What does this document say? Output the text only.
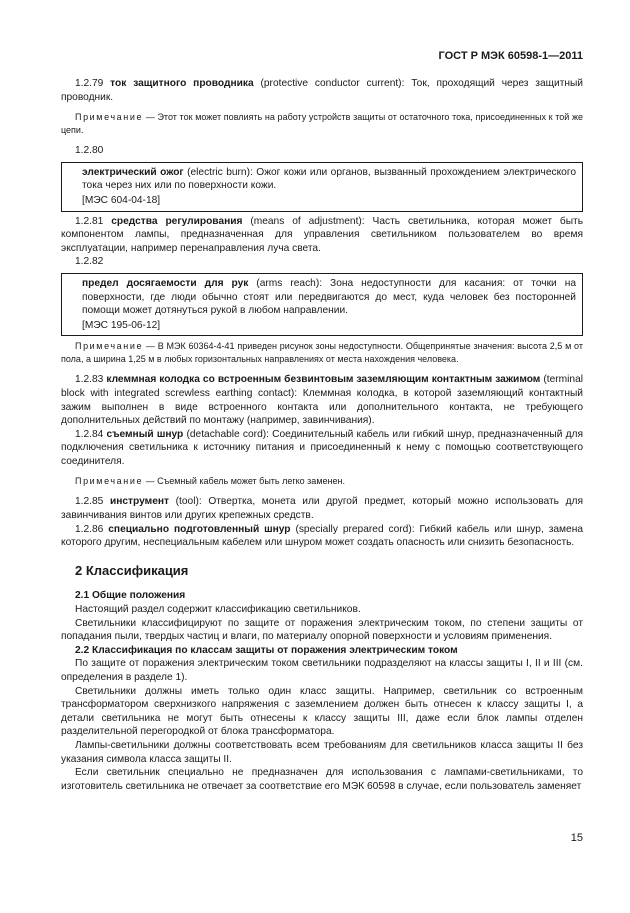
ГОСТ Р МЭК 60598-1—2011

1.2.79 ток защитного проводника (protective conductor current): Ток, проходящий через защитный проводник.

Примечание — Этот ток может повлиять на работу устройств защиты от остаточного тока, присоединенных к той же цепи.

1.2.80

электрический ожог (electric burn): Ожог кожи или органов, вызванный прохождением электрического тока через них или по поверхности кожи.

[МЭС 604-04-18]

1.2.81 средства регулирования (means of adjustment): Часть светильника, которая может быть компонентом лампы, предназначенная для управления светильником пользователем во время эксплуатации, например перенаправления луча света.

1.2.82

предел досягаемости для рук (arms reach): Зона недоступности для касания: от точки на поверхности, где люди обычно стоят или передвигаются до мест, куда человек без посторонней помощи может дотянуться рукой в любом направлении.

[МЭС 195-06-12]

Примечание — В МЭК 60364-4-41 приведен рисунок зоны недоступности. Общепринятые значения: высота 2,5 м от пола, а ширина 1,25 м в любых горизонтальных направлениях от места нахождения человека.

1.2.83 клеммная колодка со встроенным безвинтовым заземляющим контактным зажимом (terminal block with integrated screwless earthing contact): Клеммная колодка, в которой заземляющий контактный зажим выполнен в виде встроенного контакта или дополнительного контакта, не требующего дополнительных действий по монтажу (например, завинчивания).

1.2.84 съемный шнур (detachable cord): Соединительный кабель или гибкий шнур, предназначенный для подключения светильника к источнику питания и присоединенный к нему с помощью соответствующего соединителя.

Примечание — Съемный кабель может быть легко заменен.

1.2.85 инструмент (tool): Отвертка, монета или другой предмет, который можно использовать для завинчивания винтов или других крепежных средств.

1.2.86 специально подготовленный шнур (specially prepared cord): Гибкий кабель или шнур, замена которого другим, неспециальным кабелем или шнуром может создать опасность или снизить безопасность.

2 Классификация
2.1 Общие положения

Настоящий раздел содержит классификацию светильников.

Светильники классифицируют по защите от поражения электрическим током, по степени защиты от попадания пыли, твердых частиц и влаги, по материалу опорной поверхности и условиям применения.

2.2 Классификация по классам защиты от поражения электрическим током

По защите от поражения электрическим током светильники подразделяют на классы защиты I, II и III (см. определения в разделе 1).

Светильники должны иметь только один класс защиты. Например, светильник со встроенным трансформатором сверхнизкого напряжения с заземлением должен быть отнесен к классу защиты I, а детали светильника не могут быть отнесены к классу защиты III, даже если блок лампы отделен разделительной перегородкой от блока трансформатора.

Лампы-светильники должны соответствовать всем требованиям для светильников класса защиты II без указания символа класса защиты II.

Если светильник специально не предназначен для использования с лампами-светильниками, то изготовитель светильника не отвечает за соответствие его МЭК 60598 в случае, если пользователь заменяет

15
